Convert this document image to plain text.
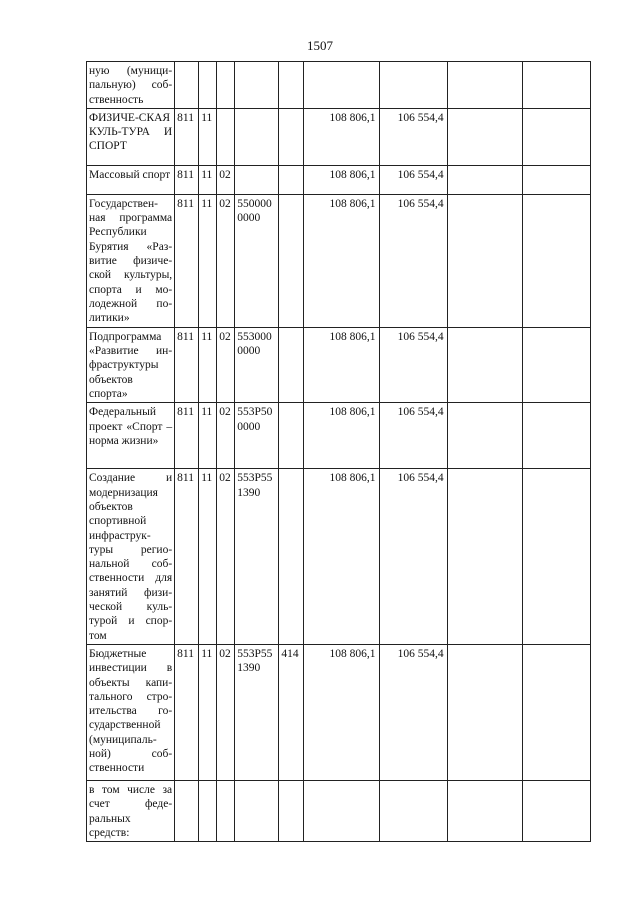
1507
ную (муници-пальную) соб-ственность									
ФИЗИЧЕ-СКАЯ КУЛЬ-ТУРА И СПОРТ	811	11				108 806,1	106 554,4		
Массовый спорт	811	11	02			108 806,1	106 554,4		
Государствен-ная программа Республики Бурятия «Раз-витие физиче-ской культуры, спорта и мо-лодежной по-литики»	811	11	02	550000 0000		108 806,1	106 554,4		
Подпрограмма «Развитие ин-фраструктуры объектов спорта»	811	11	02	553000 0000		108 806,1	106 554,4		
Федеральный проект «Спорт – норма жизни»	811	11	02	553Р50 0000		108 806,1	106 554,4		
Создание и модернизация объектов спортивной инфраструк-туры регио-нальной соб-ственности для занятий физи-ческой куль-турой и спор-том	811	11	02	553Р55 1390		108 806,1	106 554,4		
Бюджетные инвестиции в объекты капи-тального стро-ительства го-сударственной (муниципаль-ной) соб-ственности	811	11	02	553Р55 1390	414	108 806,1	106 554,4		
в том числе за счет феде-ральных средств:									
